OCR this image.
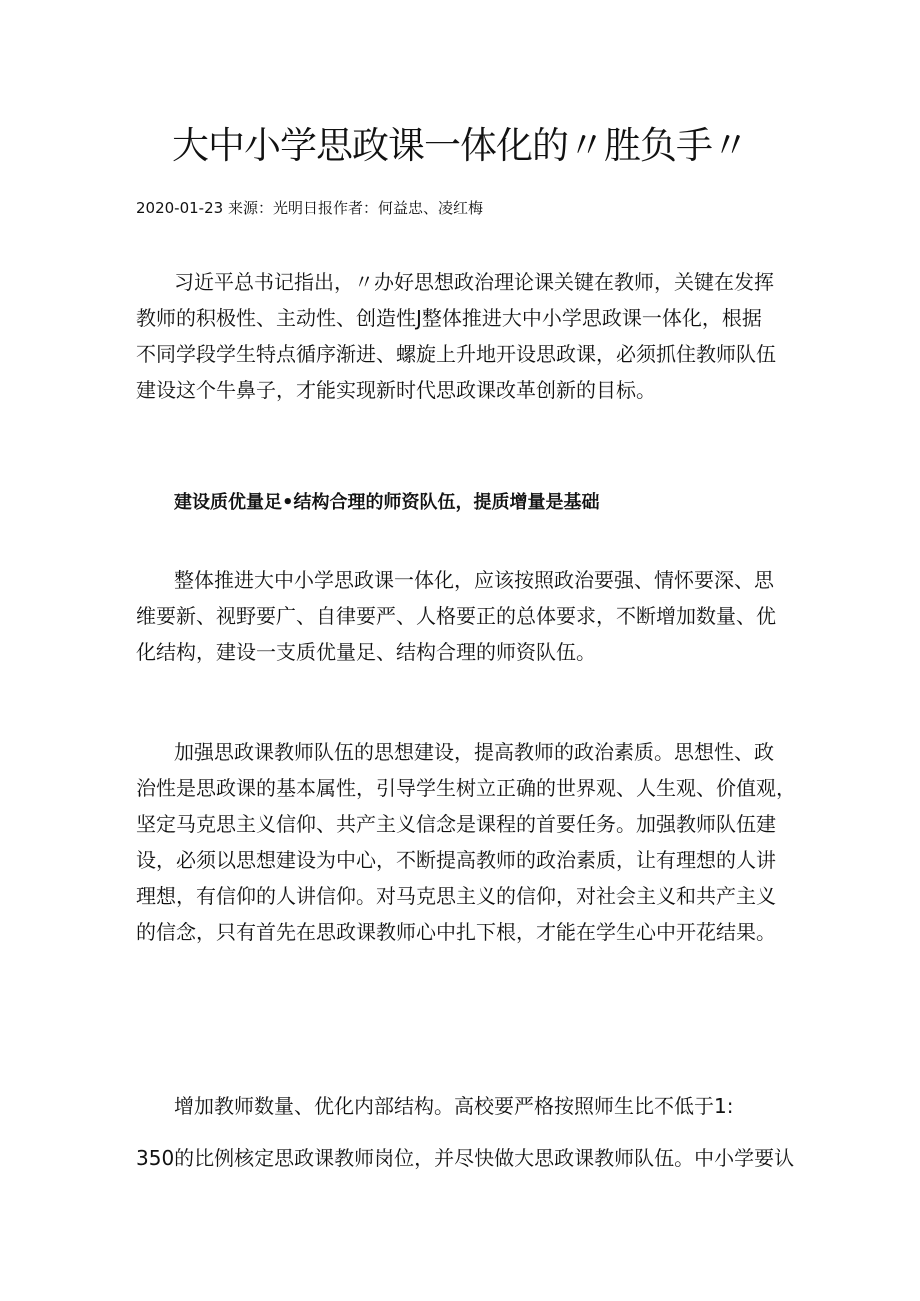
大中小学思政课一体化的〃胜负手〃
2020-01-23 来源：光明日报作者：何益忠、凌红梅
习近平总书记指出，〃办好思想政治理论课关键在教师，关键在发挥
教师的积极性、主动性、创造性J整体推进大中小学思政课一体化，根据
不同学段学生特点循序渐进、螺旋上升地开设思政课，必须抓住教师队伍
建设这个牛鼻子，才能实现新时代思政课改革创新的目标。
建设质优量足•结构合理的师资队伍，提质增量是基础
整体推进大中小学思政课一体化，应该按照政治要强、情怀要深、思
维要新、视野要广、自律要严、人格要正的总体要求，不断增加数量、优
化结构，建设一支质优量足、结构合理的师资队伍。
加强思政课教师队伍的思想建设，提高教师的政治素质。思想性、政
治性是思政课的基本属性，引导学生树立正确的世界观、人生观、价值观，
坚定马克思主义信仰、共产主义信念是课程的首要任务。加强教师队伍建
设，必须以思想建设为中心，不断提高教师的政治素质，让有理想的人讲
理想，有信仰的人讲信仰。对马克思主义的信仰，对社会主义和共产主义
的信念，只有首先在思政课教师心中扎下根，才能在学生心中开花结果。
增加教师数量、优化内部结构。高校要严格按照师生比不低于1:
350的比例核定思政课教师岗位，并尽快做大思政课教师队伍。中小学要认
